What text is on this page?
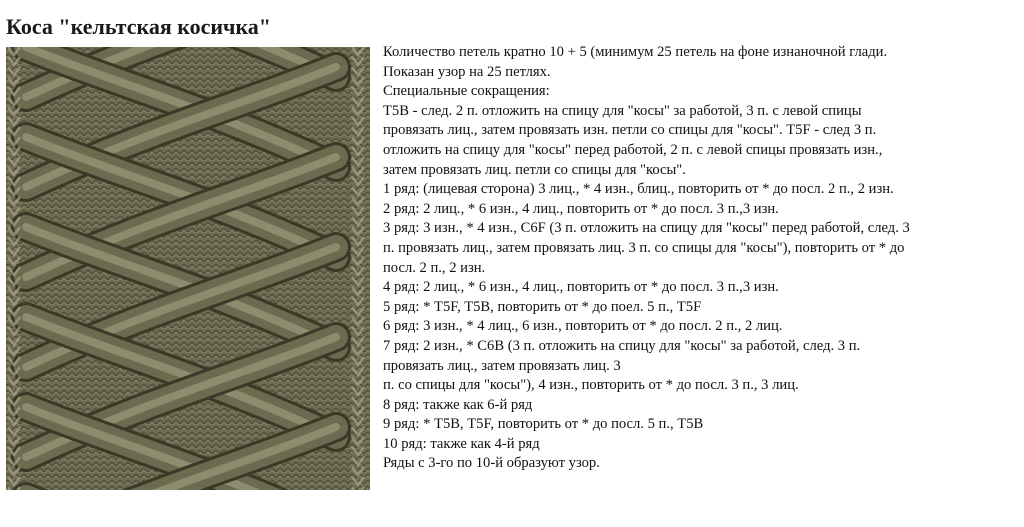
Коса "кельтская косичка"
Количество петель кратно 10 + 5 (минимум 25 петель на фоне изнаночной глади.
Показан узор на 25 петлях.
Специальные сокращения:
Т5В - след. 2 п. отложить на спицу для "косы" за работой, 3 п. с левой спицы
провязать лиц., затем провязать изн. петли со спицы для "косы". Т5F - след 3 п.
отложить на спицу для "косы" перед работой, 2 п. с левой спицы провязать изн.,
затем провязать лиц. петли со спицы для "косы".
1 ряд: (лицевая сторона) 3 лиц., * 4 изн., блиц., повторить от * до посл. 2 п., 2 изн.
2 ряд: 2 лиц., * 6 изн., 4 лиц., повторить от * до посл. 3 п.,3 изн.
3 ряд: 3 изн., * 4 изн., C6F (3 п. отложить на спицу для "косы" перед работой, след. 3
п. провязать лиц., затем провязать лиц. 3 п. со спицы для "косы"), повторить от * до
посл. 2 п., 2 изн.
4 ряд: 2 лиц., * 6 изн., 4 лиц., повторить от * до посл. 3 п.,3 изн.
5 ряд: * T5F, T5B, повторить от * до поел. 5 п., T5F
6 ряд: 3 изн., * 4 лиц., 6 изн., повторить от * до посл. 2 п., 2 лиц.
7 ряд: 2 изн., * C6B (3 п. отложить на спицу для "косы" за работой, след. 3 п.
провязать лиц., затем провязать лиц. 3
п. со спицы для "косы"), 4 изн., повторить от * до посл. 3 п., 3 лиц.
8 ряд: также как 6-й ряд
9 ряд: * Т5В, T5F, повторить от * до посл. 5 п., Т5В
10 ряд: также как 4-й ряд
Ряды с 3-го по 10-й образуют узор.
